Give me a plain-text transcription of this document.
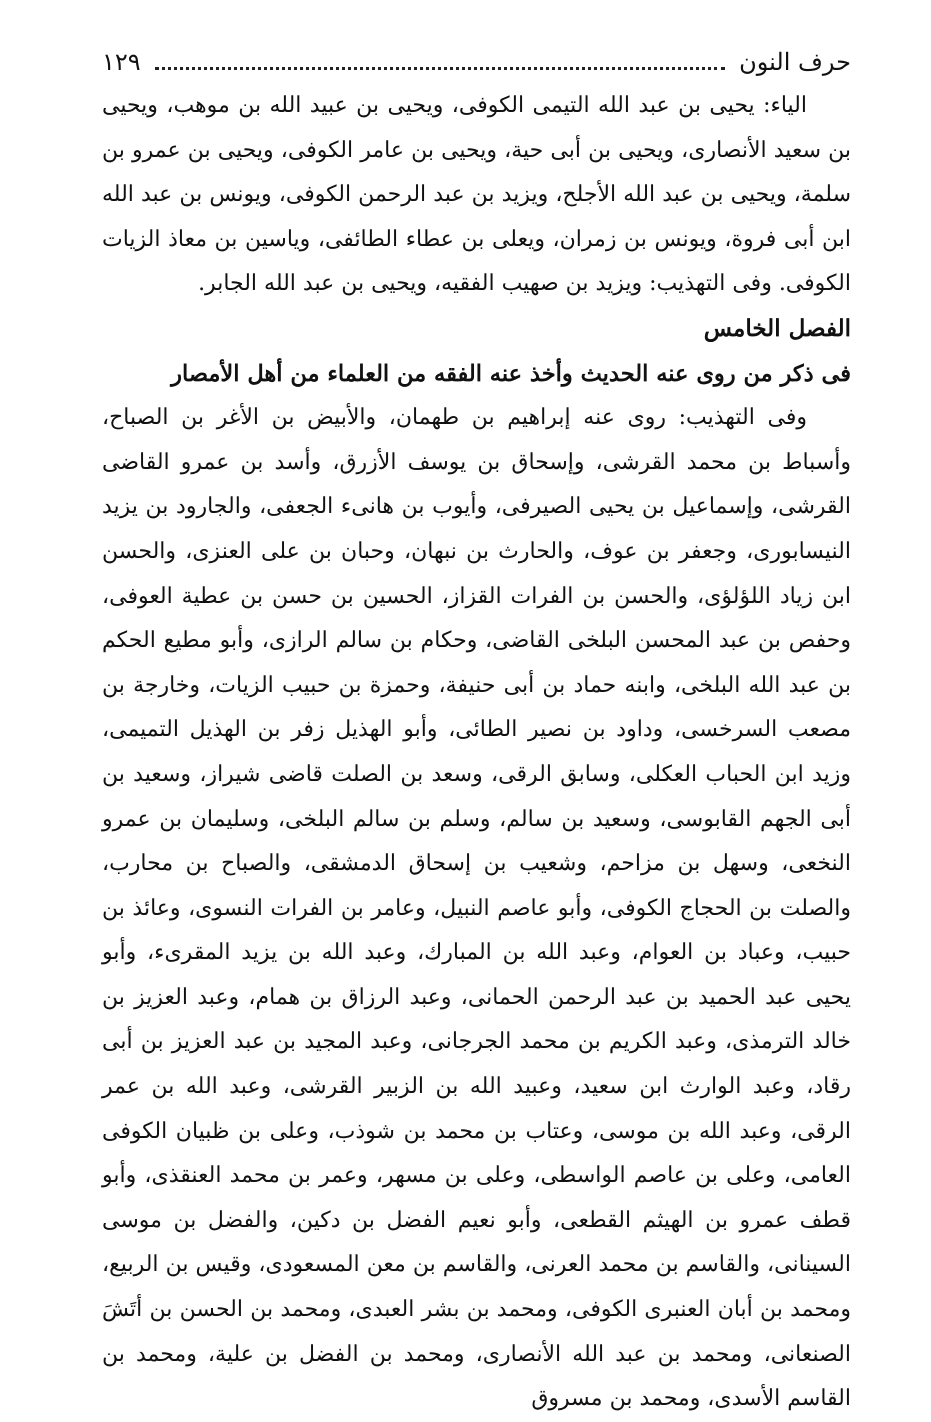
حرف النون
١٢٩

الياء: يحيى بن عبد الله التيمى الكوفى، ويحيى بن عبيد الله بن موهب، ويحيى بن سعيد الأنصارى، ويحيى بن أبى حية، ويحيى بن عامر الكوفى، ويحيى بن عمرو بن سلمة، ويحيى بن عبد الله الأجلح، ويزيد بن عبد الرحمن الكوفى، ويونس بن عبد الله ابن أبى فروة، ويونس بن زمران، ويعلى بن عطاء الطائفى، وياسين بن معاذ الزيات الكوفى. وفى التهذيب: ويزيد بن صهيب الفقيه، ويحيى بن عبد الله الجابر.

الفصل الخامس
فى ذكر من روى عنه الحديث وأخذ عنه الفقه من العلماء من أهل الأمصار

وفى التهذيب: روى عنه إبراهيم بن طهمان، والأبيض بن الأغر بن الصباح، وأسباط بن محمد القرشى، وإسحاق بن يوسف الأزرق، وأسد بن عمرو القاضى القرشى، وإسماعيل بن يحيى الصيرفى، وأيوب بن هانىء الجعفى، والجارود بن يزيد النيسابورى، وجعفر بن عوف، والحارث بن نبهان، وحبان بن على العنزى، والحسن ابن زياد اللؤلؤى، والحسن بن الفرات القزاز، الحسين بن حسن بن عطية العوفى، وحفص بن عبد المحسن البلخى القاضى، وحكام بن سالم الرازى، وأبو مطيع الحكم بن عبد الله البلخى، وابنه حماد بن أبى حنيفة، وحمزة بن حبيب الزيات، وخارجة بن مصعب السرخسى، وداود بن نصير الطائى، وأبو الهذيل زفر بن الهذيل التميمى، وزيد ابن الحباب العكلى، وسابق الرقى، وسعد بن الصلت قاضى شيراز، وسعيد بن أبى الجهم القابوسى، وسعيد بن سالم، وسلم بن سالم البلخى، وسليمان بن عمرو النخعى، وسهل بن مزاحم، وشعيب بن إسحاق الدمشقى، والصباح بن محارب، والصلت بن الحجاج الكوفى، وأبو عاصم النبيل، وعامر بن الفرات النسوى، وعائذ بن حبيب، وعباد بن العوام، وعبد الله بن المبارك، وعبد الله بن يزيد المقرىء، وأبو يحيى عبد الحميد بن عبد الرحمن الحمانى، وعبد الرزاق بن همام، وعبد العزيز بن خالد الترمذى، وعبد الكريم بن محمد الجرجانى، وعبد المجيد بن عبد العزيز بن أبى رقاد، وعبد الوارث ابن سعيد، وعبيد الله بن الزبير القرشى، وعبد الله بن عمر الرقى، وعبد الله بن موسى، وعتاب بن محمد بن شوذب، وعلى بن ظبيان الكوفى العامى، وعلى بن عاصم الواسطى، وعلى بن مسهر، وعمر بن محمد العنقذى، وأبو قطف عمرو بن الهيثم القطعى، وأبو نعيم الفضل بن دكين، والفضل بن موسى السينانى، والقاسم بن محمد العرنى، والقاسم بن معن المسعودى، وقيس بن الربيع، ومحمد بن أبان العنبرى الكوفى، ومحمد بن بشر العبدى، ومحمد بن الحسن بن أتَشَ الصنعانى، ومحمد بن عبد الله الأنصارى، ومحمد بن الفضل بن علية، ومحمد بن القاسم الأسدى، ومحمد بن مسروق
